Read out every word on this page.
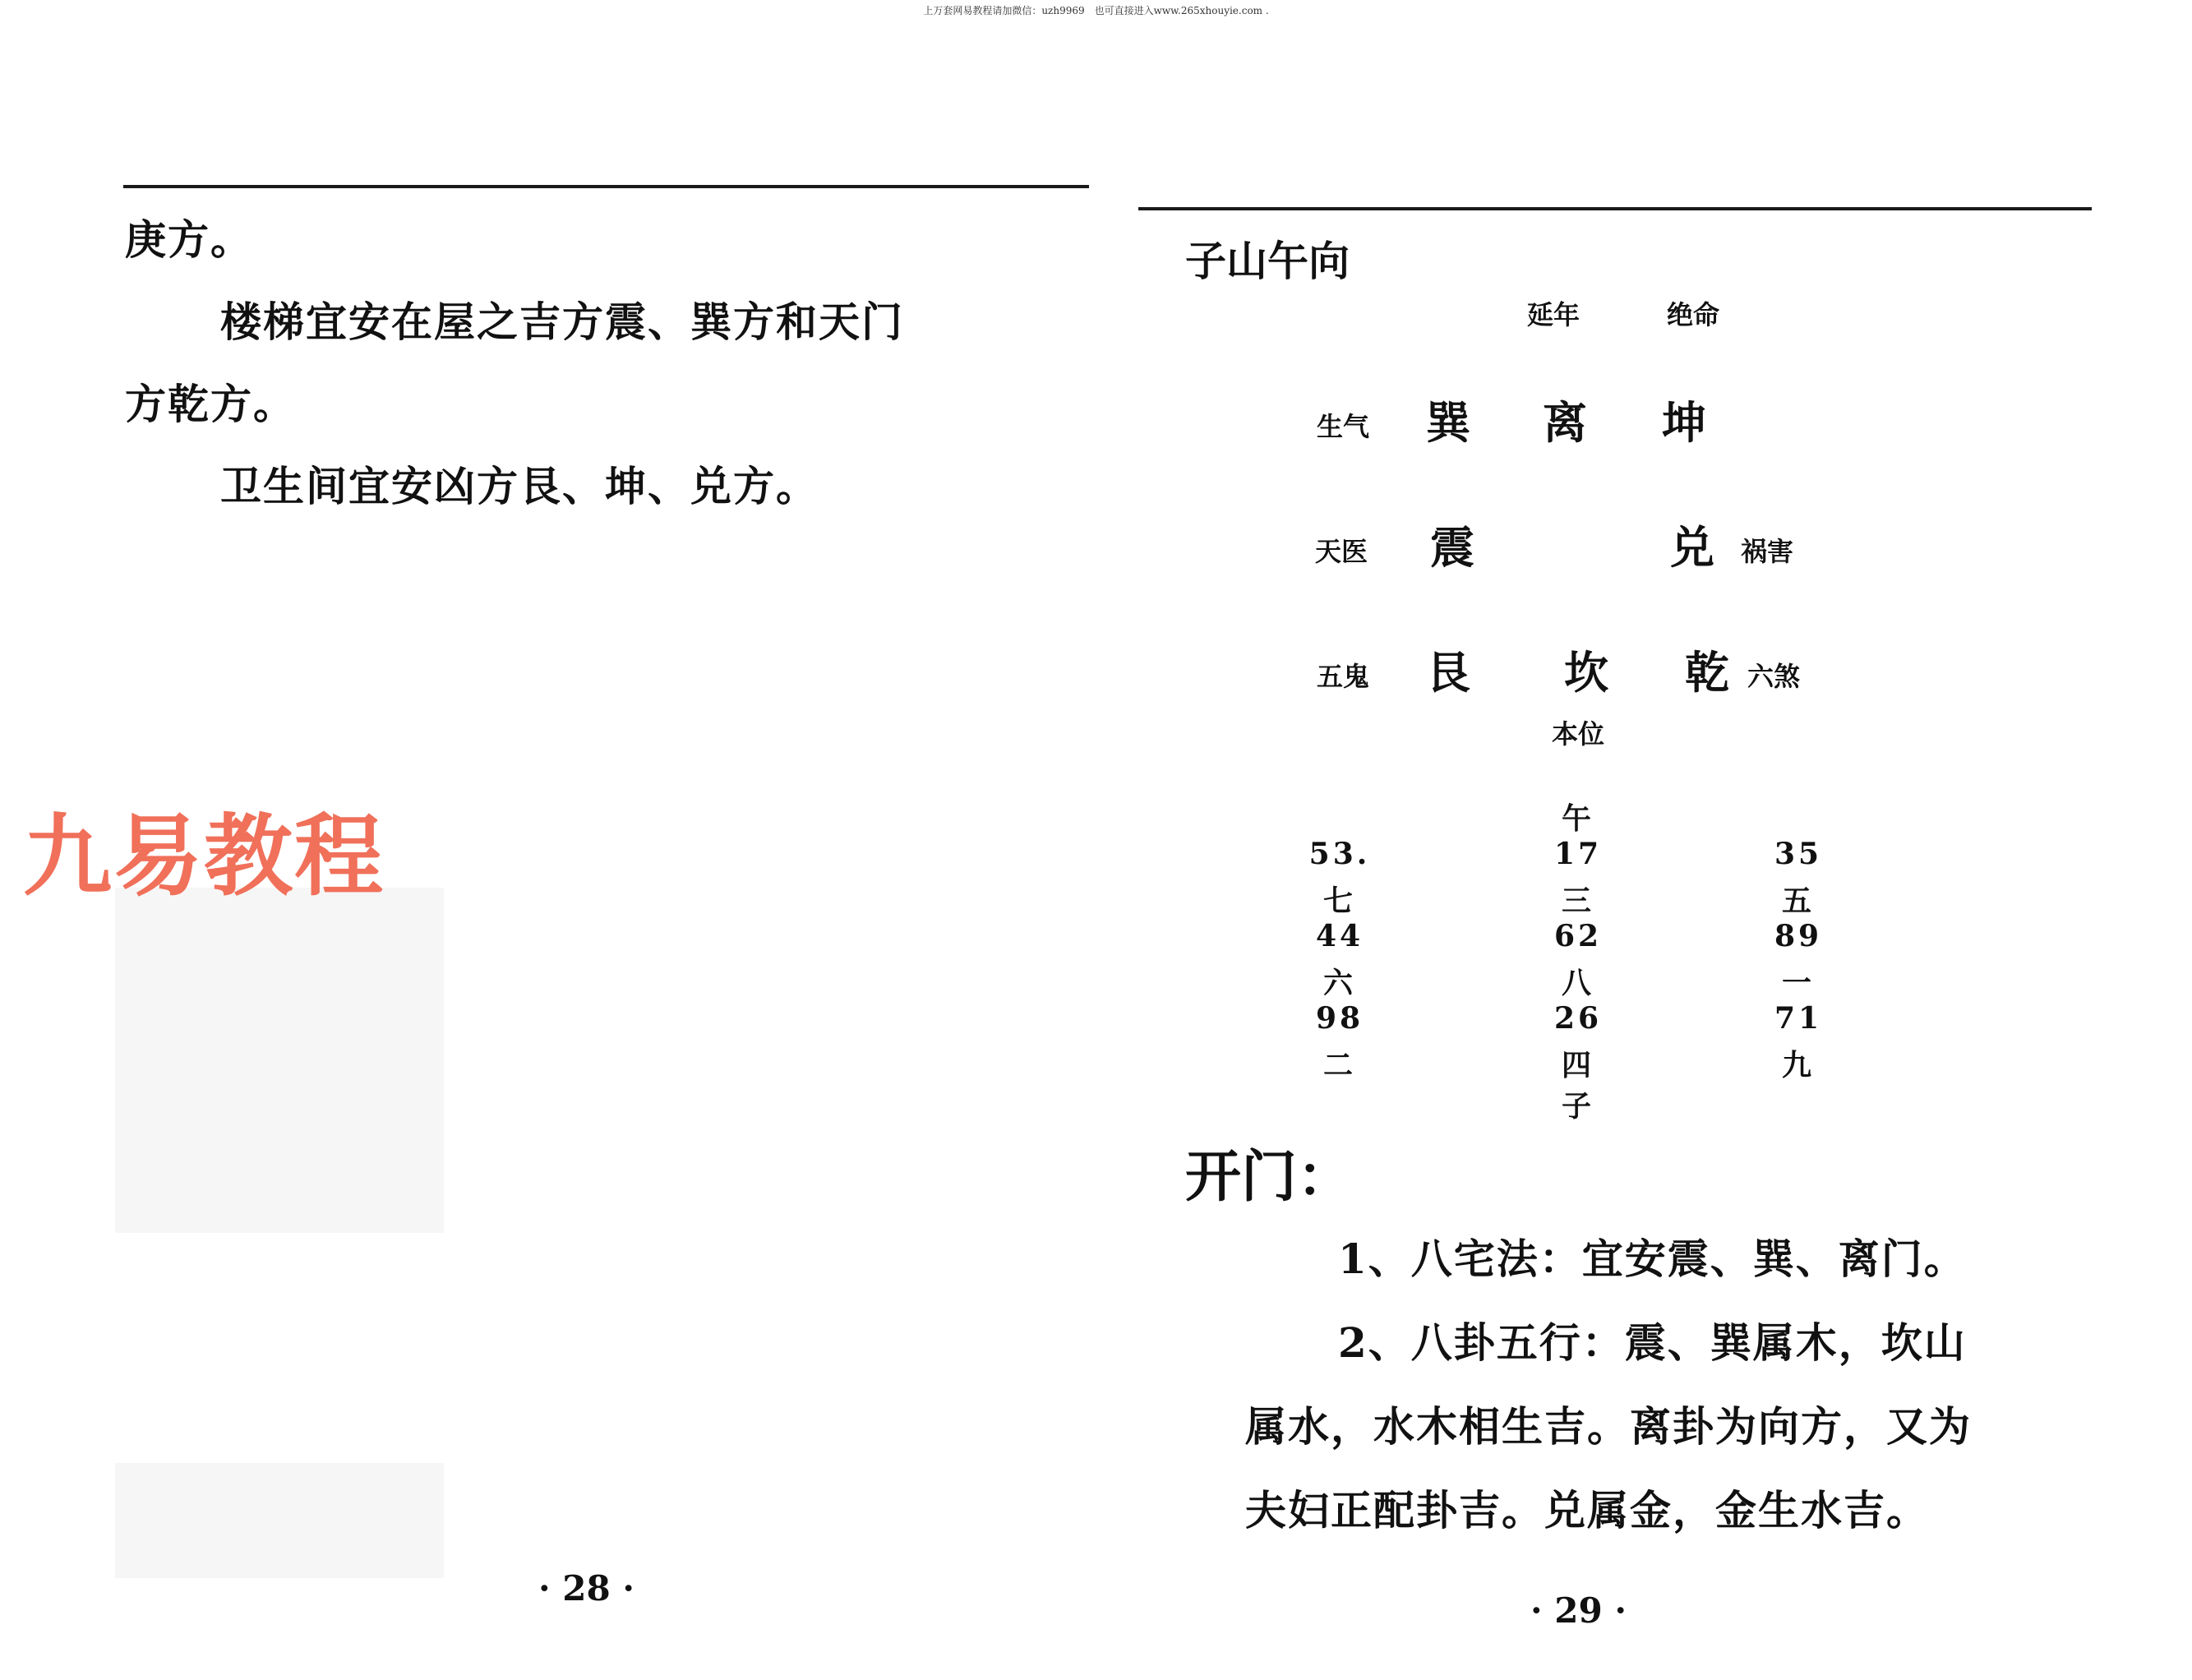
上万套网易教程请加微信：uzh9969　也可直接进入www.265xhouyie.com .
庚方。
楼梯宜安在屋之吉方震、巽方和天门
方乾方。
卫生间宜安凶方艮、坤、兑方。
· 28 ·
九易教程
子山午向
延年	绝命
生气 巽 离 坤
天医 震	兑 祸害
五鬼 艮 坎 乾 六煞
本位
午
53.
七
44
六
98
二
17
三
62
八
26
四
35
五
89
一
71
九
子
开门：
1、八宅法：宜安震、巽、离门。
2、八卦五行：震、巽属木，坎山
属水，水木相生吉。离卦为向方，又为
夫妇正配卦吉。兑属金，金生水吉。
· 29 ·
